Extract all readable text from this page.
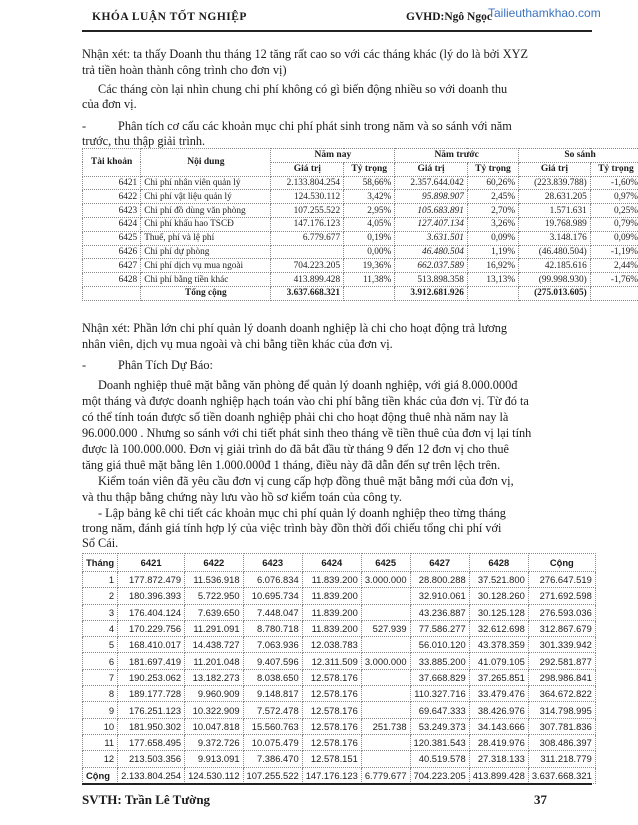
KHÓA LUẬN TỐT NGHIỆP	GVHD:Ngô Ngọc
Tailieuthamkhao.com
Nhận xét: ta thấy Doanh thu tháng 12 tăng rất cao so với các tháng khác (lý do là bởi XYZ
trả tiền hoàn thành công trình cho đơn vị)
Các tháng còn lại nhìn chung chi phí không có gì biến động nhiều so với doanh thu
của đơn vị.
-	Phân tích cơ cấu các khoản mục chi phí phát sinh trong năm và so sánh với năm
trước, thu thập giải trình.
Tài khoản	Nội dung	Năm nay		Năm trước		So sánh	
		Giá trị	Tỷ trọng	Giá trị	Tỷ trọng	Giá trị	Tỷ trọng
6421	Chi phí nhân viên quản lý	2.133.804.254	58,66%	2.357.644.042	60,26%	(223.839.788)	-1,60%
6422	Chi phí vật liệu quản lý	124.530.112	3,42%	95.898.907	2,45%	28.631.205	0,97%
6423	Chi phí đồ dùng văn phòng	107.255.522	2,95%	105.683.891	2,70%	1.571.631	0,25%
6424	Chi phí khấu hao TSCĐ	147.176.123	4,05%	127.407.134	3,26%	19.768.989	0,79%
6425	Thuế, phí và lệ phí	6.779.677	0,19%	3.631.501	0,09%	3.148.176	0,09%
6426	Chi phí dự phòng		0,00%	46.480.504	1,19%	(46.480.504)	-1,19%
6427	Chi phí dịch vụ mua ngoài	704.223.205	19,36%	662.037.589	16,92%	42.185.616	2,44%
6428	Chi phí bằng tiền khác	413.899.428	11,38%	513.898.358	13,13%	(99.998.930)	-1,76%
	Tổng cộng	3.637.668.321		3.912.681.926		(275.013.605)	
Nhận xét: Phần lớn chi phí quản lý doanh doanh nghiệp là chi cho hoạt động trả lương
nhân viên, dịch vụ mua ngoài và chi bằng tiền khác của đơn vị.
-	Phân Tích Dự Báo:
Doanh nghiệp thuê mặt bằng văn phòng để quản lý doanh nghiệp, với giá 8.000.000đ
một tháng và được doanh nghiệp hạch toán vào chi phí bằng tiền khác của đơn vị. Từ đó ta
có thể tính toán được số tiền doanh nghiệp phải chi cho hoạt động thuê nhà năm nay là
96.000.000 . Nhưng so sánh với chi tiết phát sinh theo tháng về tiền thuê của đơn vị lại tính
được là 100.000.000. Đơn vị giải trình do đã bắt đầu từ tháng 9 đến 12 đơn vị cho thuê
tăng giá thuê mặt bằng lên 1.000.000đ 1 tháng, điều này đã dẫn đến sự trên lệch trên.
Kiểm toán viên đã yêu cầu đơn vị cung cấp hợp đồng thuê mặt bằng mới của đơn vị,
và thu thập bằng chứng này lưu vào hồ sơ kiểm toán của công ty.
- Lập bảng kê chi tiết các khoản mục chi phí quản lý doanh nghiệp theo từng tháng
trong năm, đánh giá tính hợp lý của việc trình bày đồn thời đối chiếu tổng chi phí với
Sổ Cái.
Tháng	6421	6422	6423	6424	6425	6427	6428	Cộng
1	177.872.479	11.536.918	6.076.834	11.839.200	3.000.000	28.800.288	37.521.800	276.647.519
2	180.396.393	5.722.950	10.695.734	11.839.200		32.910.061	30.128.260	271.692.598
3	176.404.124	7.639.650	7.448.047	11.839.200		43.236.887	30.125.128	276.593.036
4	170.229.756	11.291.091	8.780.718	11.839.200	527.939	77.586.277	32.612.698	312.867.679
5	168.410.017	14.438.727	7.063.936	12.038.783		56.010.120	43.378.359	301.339.942
6	181.697.419	11.201.048	9.407.596	12.311.509	3.000.000	33.885.200	41.079.105	292.581.877
7	190.253.062	13.182.273	8.038.650	12.578.176		37.668.829	37.265.851	298.986.841
8	189.177.728	9.960.909	9.148.817	12.578.176		110.327.716	33.479.476	364.672.822
9	176.251.123	10.322.909	7.572.478	12.578.176		69.647.333	38.426.976	314.798.995
10	181.950.302	10.047.818	15.560.763	12.578.176	251.738	53.249.373	34.143.666	307.781.836
11	177.658.495	9.372.726	10.075.479	12.578.176		120.381.543	28.419.976	308.486.397
12	213.503.356	9.913.091	7.386.470	12.578.151		40.519.578	27.318.133	311.218.779
Cộng	2.133.804.254	124.530.112	107.255.522	147.176.123	6.779.677	704.223.205	413.899.428	3.637.668.321
SVTH: Trần Lê Tường	37
